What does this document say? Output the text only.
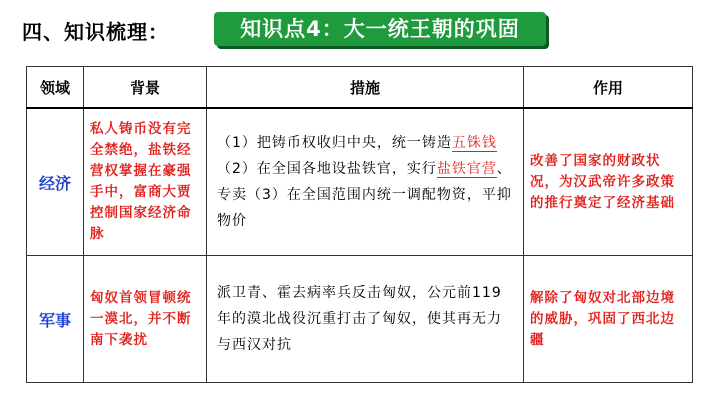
四、知识梳理：	知识点4：大一统王朝的巩固
领域	背景	措施	作用
经济	私人铸币没有完全禁绝，盐铁经营权掌握在豪强手中，富商大贾控制国家经济命脉	（1）把铸币权收归中央，统一铸造五铢钱（2）在全国各地设盐铁官，实行盐铁官营、专卖（3）在全国范围内统一调配物资，平抑物价	改善了国家的财政状况，为汉武帝许多政策的推行奠定了经济基础
军事	匈奴首领冒顿统一漠北，并不断南下袭扰	派卫青、霍去病率兵反击匈奴，公元前119年的漠北战役沉重打击了匈奴，使其再无力与西汉对抗	解除了匈奴对北部边境的威胁，巩固了西北边疆
